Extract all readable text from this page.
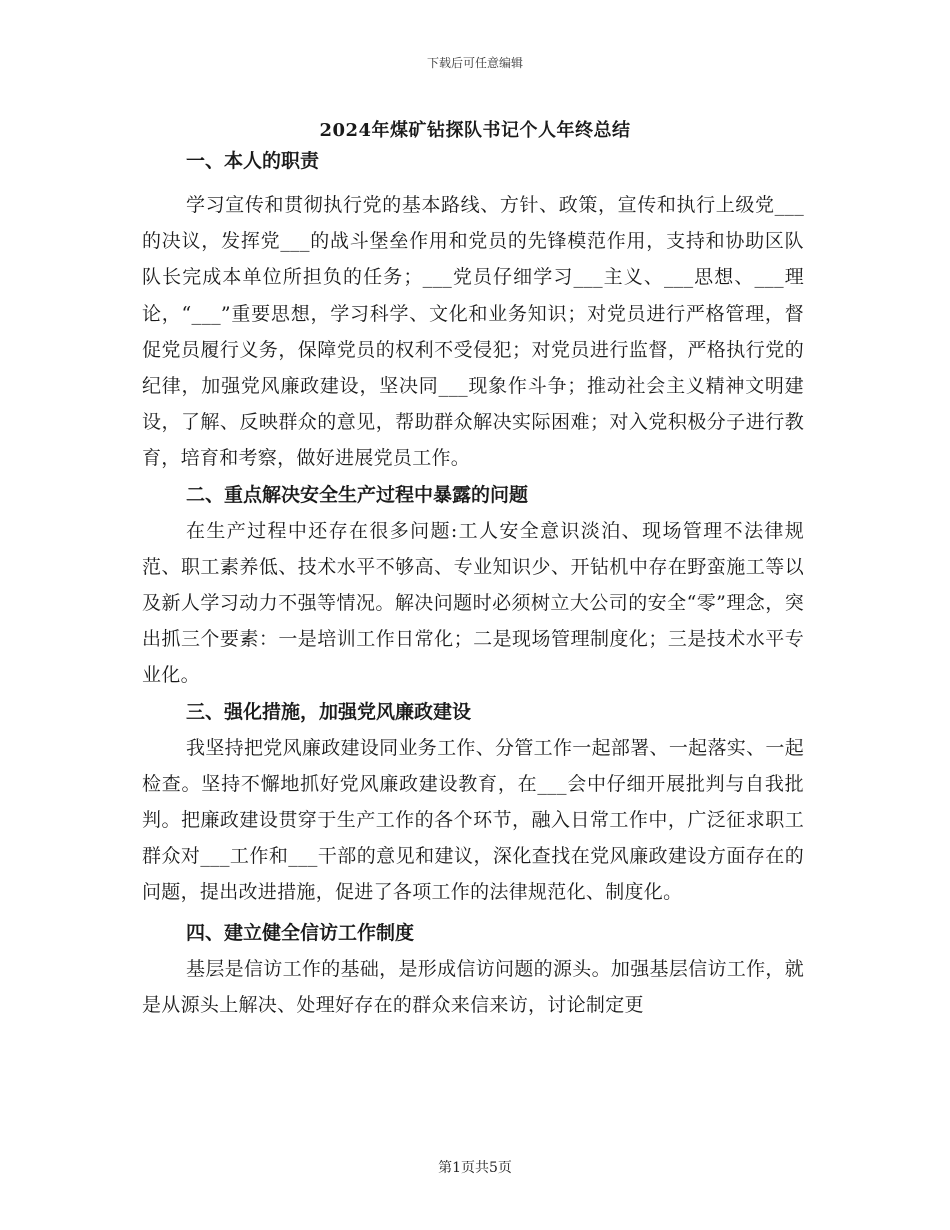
下载后可任意编辑
2024年煤矿钻探队书记个人年终总结
一、本人的职责

学习宣传和贯彻执行党的基本路线、方针、政策，宣传和执行上级党___的决议，发挥党___的战斗堡垒作用和党员的先锋模范作用，支持和协助区队队长完成本单位所担负的任务；___党员仔细学习___主义、___思想、___理论，“___”重要思想，学习科学、文化和业务知识；对党员进行严格管理，督促党员履行义务，保障党员的权利不受侵犯；对党员进行监督，严格执行党的纪律，加强党风廉政建设，坚决同___现象作斗争；推动社会主义精神文明建设，了解、反映群众的意见，帮助群众解决实际困难；对入党积极分子进行教育，培育和考察，做好进展党员工作。

二、重点解决安全生产过程中暴露的问题

在生产过程中还存在很多问题:工人安全意识淡泊、现场管理不法律规范、职工素养低、技术水平不够高、专业知识少、开钻机中存在野蛮施工等以及新人学习动力不强等情况。解决问题时必须树立大公司的安全“零”理念，突出抓三个要素：一是培训工作日常化；二是现场管理制度化；三是技术水平专业化。

三、强化措施，加强党风廉政建设

我坚持把党风廉政建设同业务工作、分管工作一起部署、一起落实、一起检查。坚持不懈地抓好党风廉政建设教育，在___会中仔细开展批判与自我批判。把廉政建设贯穿于生产工作的各个环节，融入日常工作中，广泛征求职工群众对___工作和___干部的意见和建议，深化查找在党风廉政建设方面存在的问题，提出改进措施，促进了各项工作的法律规范化、制度化。

四、建立健全信访工作制度

基层是信访工作的基础，是形成信访问题的源头。加强基层信访工作，就是从源头上解决、处理好存在的群众来信来访，讨论制定更

第1页共5页
